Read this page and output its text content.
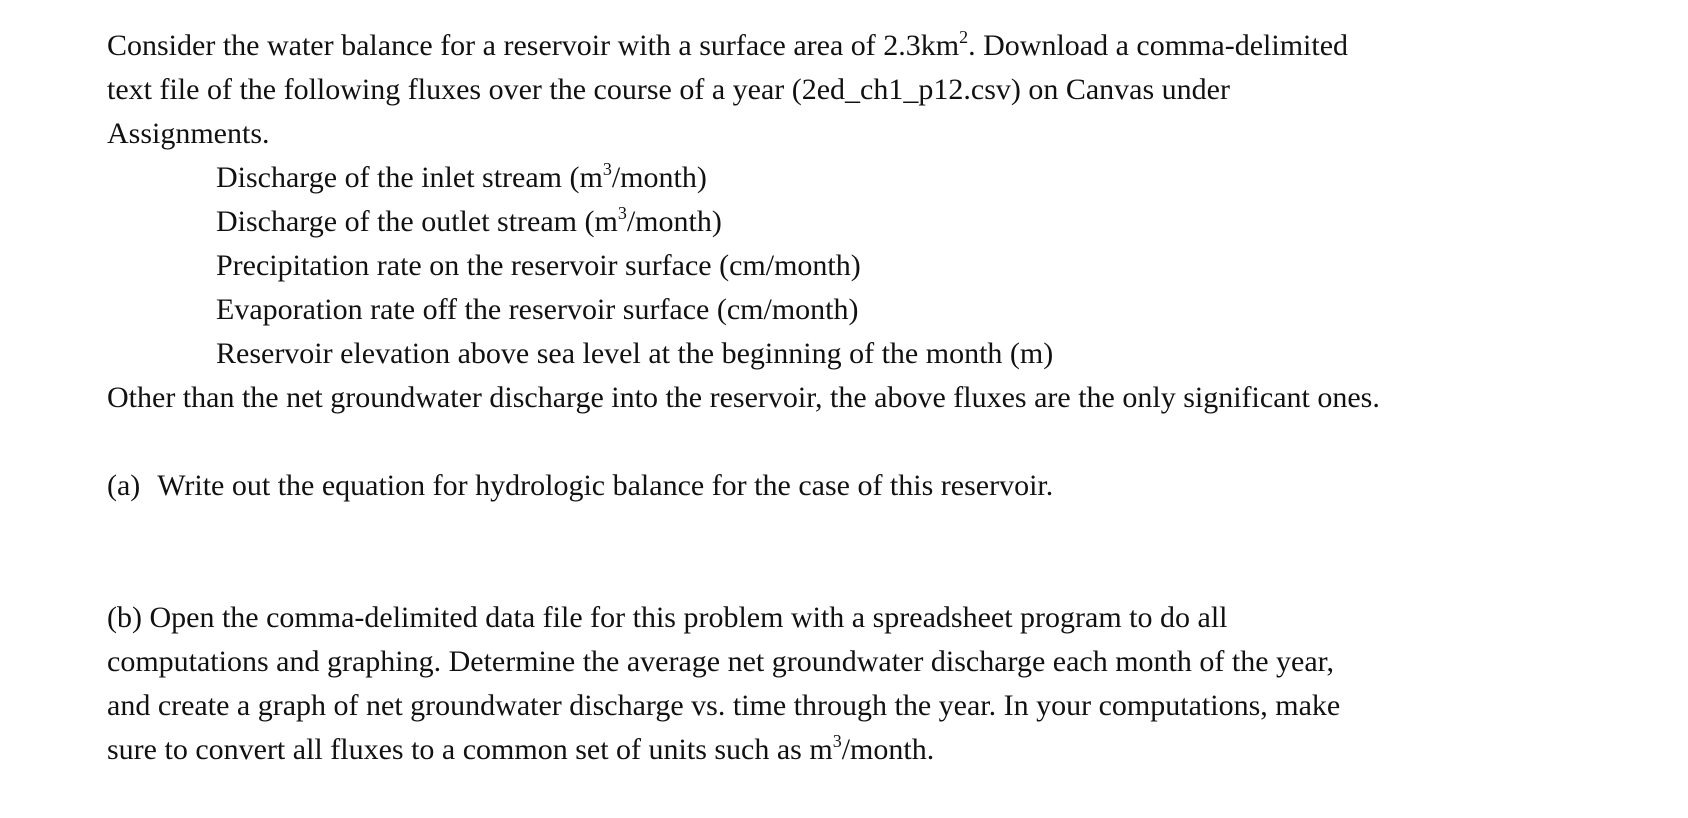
Consider the water balance for a reservoir with a surface area of $2.3km^2$. Download a comma-delimited
text file of the following fluxes over the course of a year (2ed_ch1_p12.csv) on Canvas under
Assignments.

Discharge of the inlet stream $(m^3/month)$
Discharge of the outlet stream $(m^3/month)$
Precipitation rate on the reservoir surface (cm/month)
Evaporation rate off the reservoir surface (cm/month)
Reservoir elevation above sea level at the beginning of the month (m)

Other than the net groundwater discharge into the reservoir, the above fluxes are the only significant ones.

(a) Write out the equation for hydrologic balance for the case of this reservoir.

(b) Open the comma-delimited data file for this problem with a spreadsheet program to do all
computations and graphing. Determine the average net groundwater discharge each month of the year,
and create a graph of net groundwater discharge vs. time through the year. In your computations, make
sure to convert all fluxes to a common set of units such as $m^3$/month.
